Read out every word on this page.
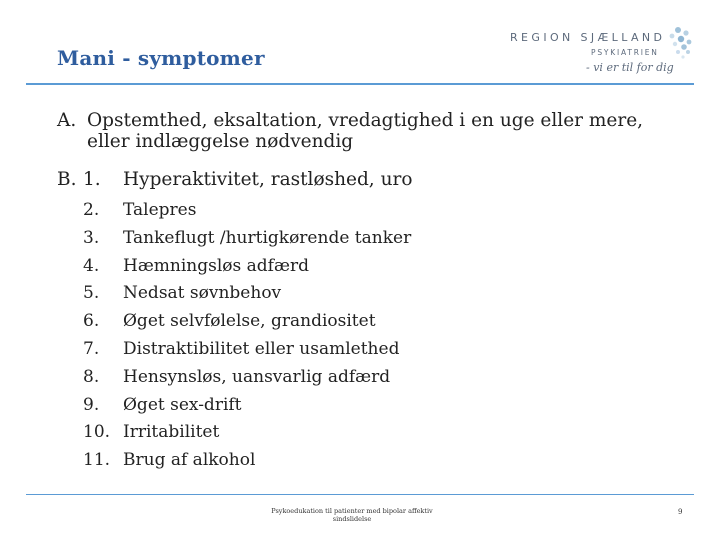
Mani - symptomer
REGION SJÆLLAND
PSYKIATRIEN
- vi er til for dig
A. Opstemthed, eksaltation, vredagtighed i en uge eller mere, eller indlæggelse nødvendig
B. 1. Hyperaktivitet, rastløshed, uro
2. Talepres
3. Tankeflugt /hurtigkørende tanker
4. Hæmningsløs adfærd
5. Nedsat søvnbehov
6. Øget selvfølelse, grandiositet
7. Distraktibilitet eller usamlethed
8. Hensynsløs, uansvarlig adfærd
9. Øget sex-drift
10. Irritabilitet
11. Brug af alkohol
Psykoedukation til patienter med bipolar affektiv sindslidelse
9
